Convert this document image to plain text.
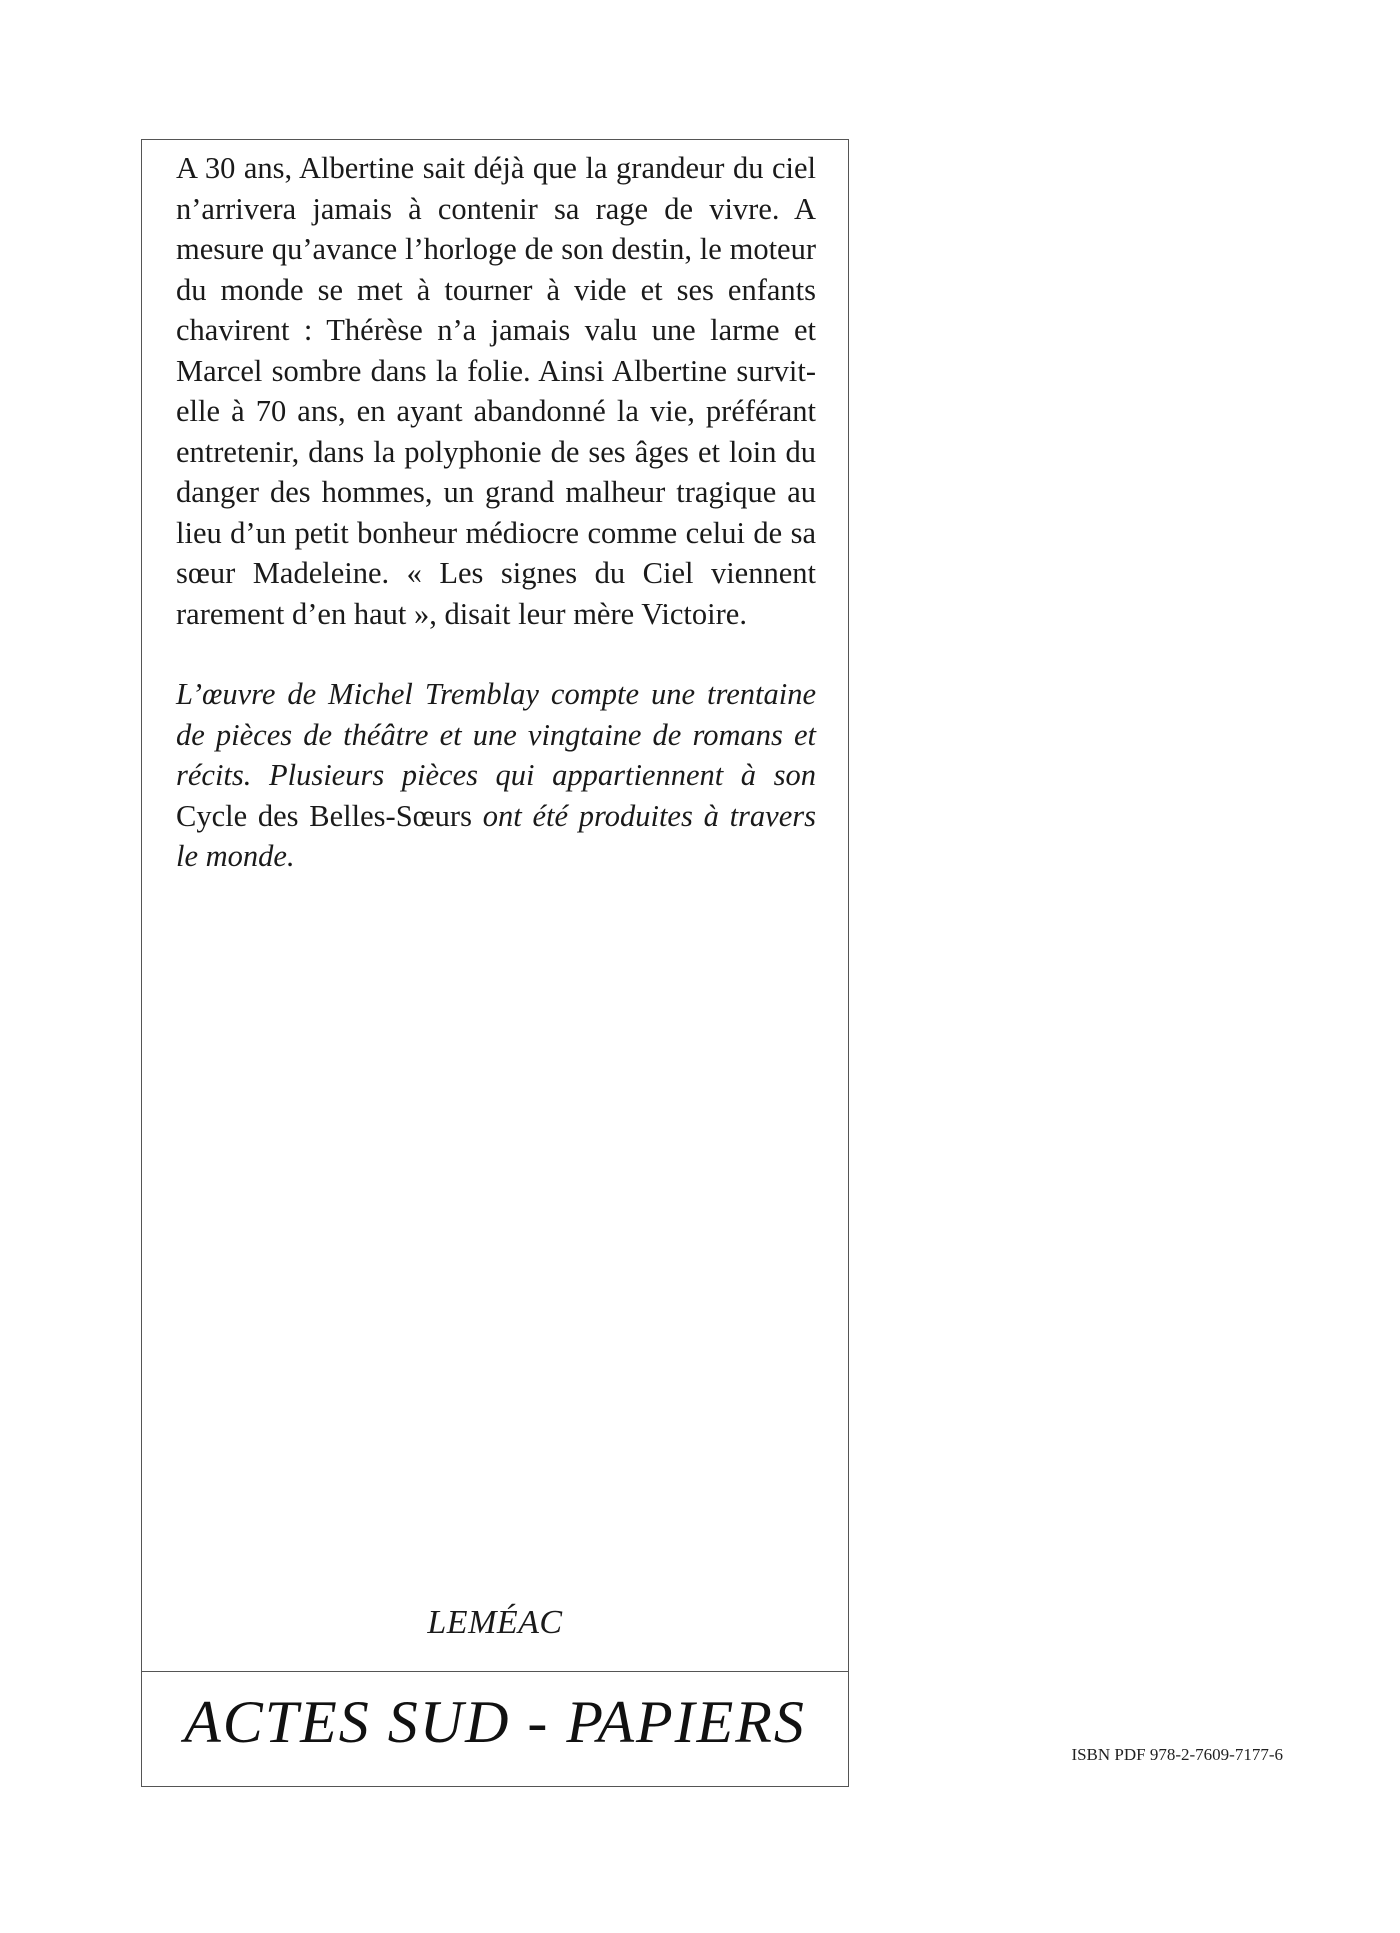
A 30 ans, Albertine sait déjà que la grandeur du ciel n’arrivera jamais à contenir sa rage de vivre. A mesure qu’avance l’horloge de son destin, le moteur du monde se met à tourner à vide et ses enfants chavirent : Thérèse n’a jamais valu une larme et Marcel sombre dans la folie. Ainsi Albertine survit-elle à 70 ans, en ayant abandonné la vie, préférant entretenir, dans la polyphonie de ses âges et loin du danger des hommes, un grand malheur tragique au lieu d’un petit bonheur médiocre comme celui de sa sœur Madeleine. « Les signes du Ciel viennent rarement d’en haut », disait leur mère Victoire.

L’œuvre de Michel Tremblay compte une trentaine de pièces de théâtre et une vingtaine de romans et récits. Plusieurs pièces qui appartiennent à son Cycle des Belles-Sœurs ont été produites à travers le monde.

LEMÉAC
ACTES SUD - PAPIERS	ISBN PDF 978-2-7609-7177-6
